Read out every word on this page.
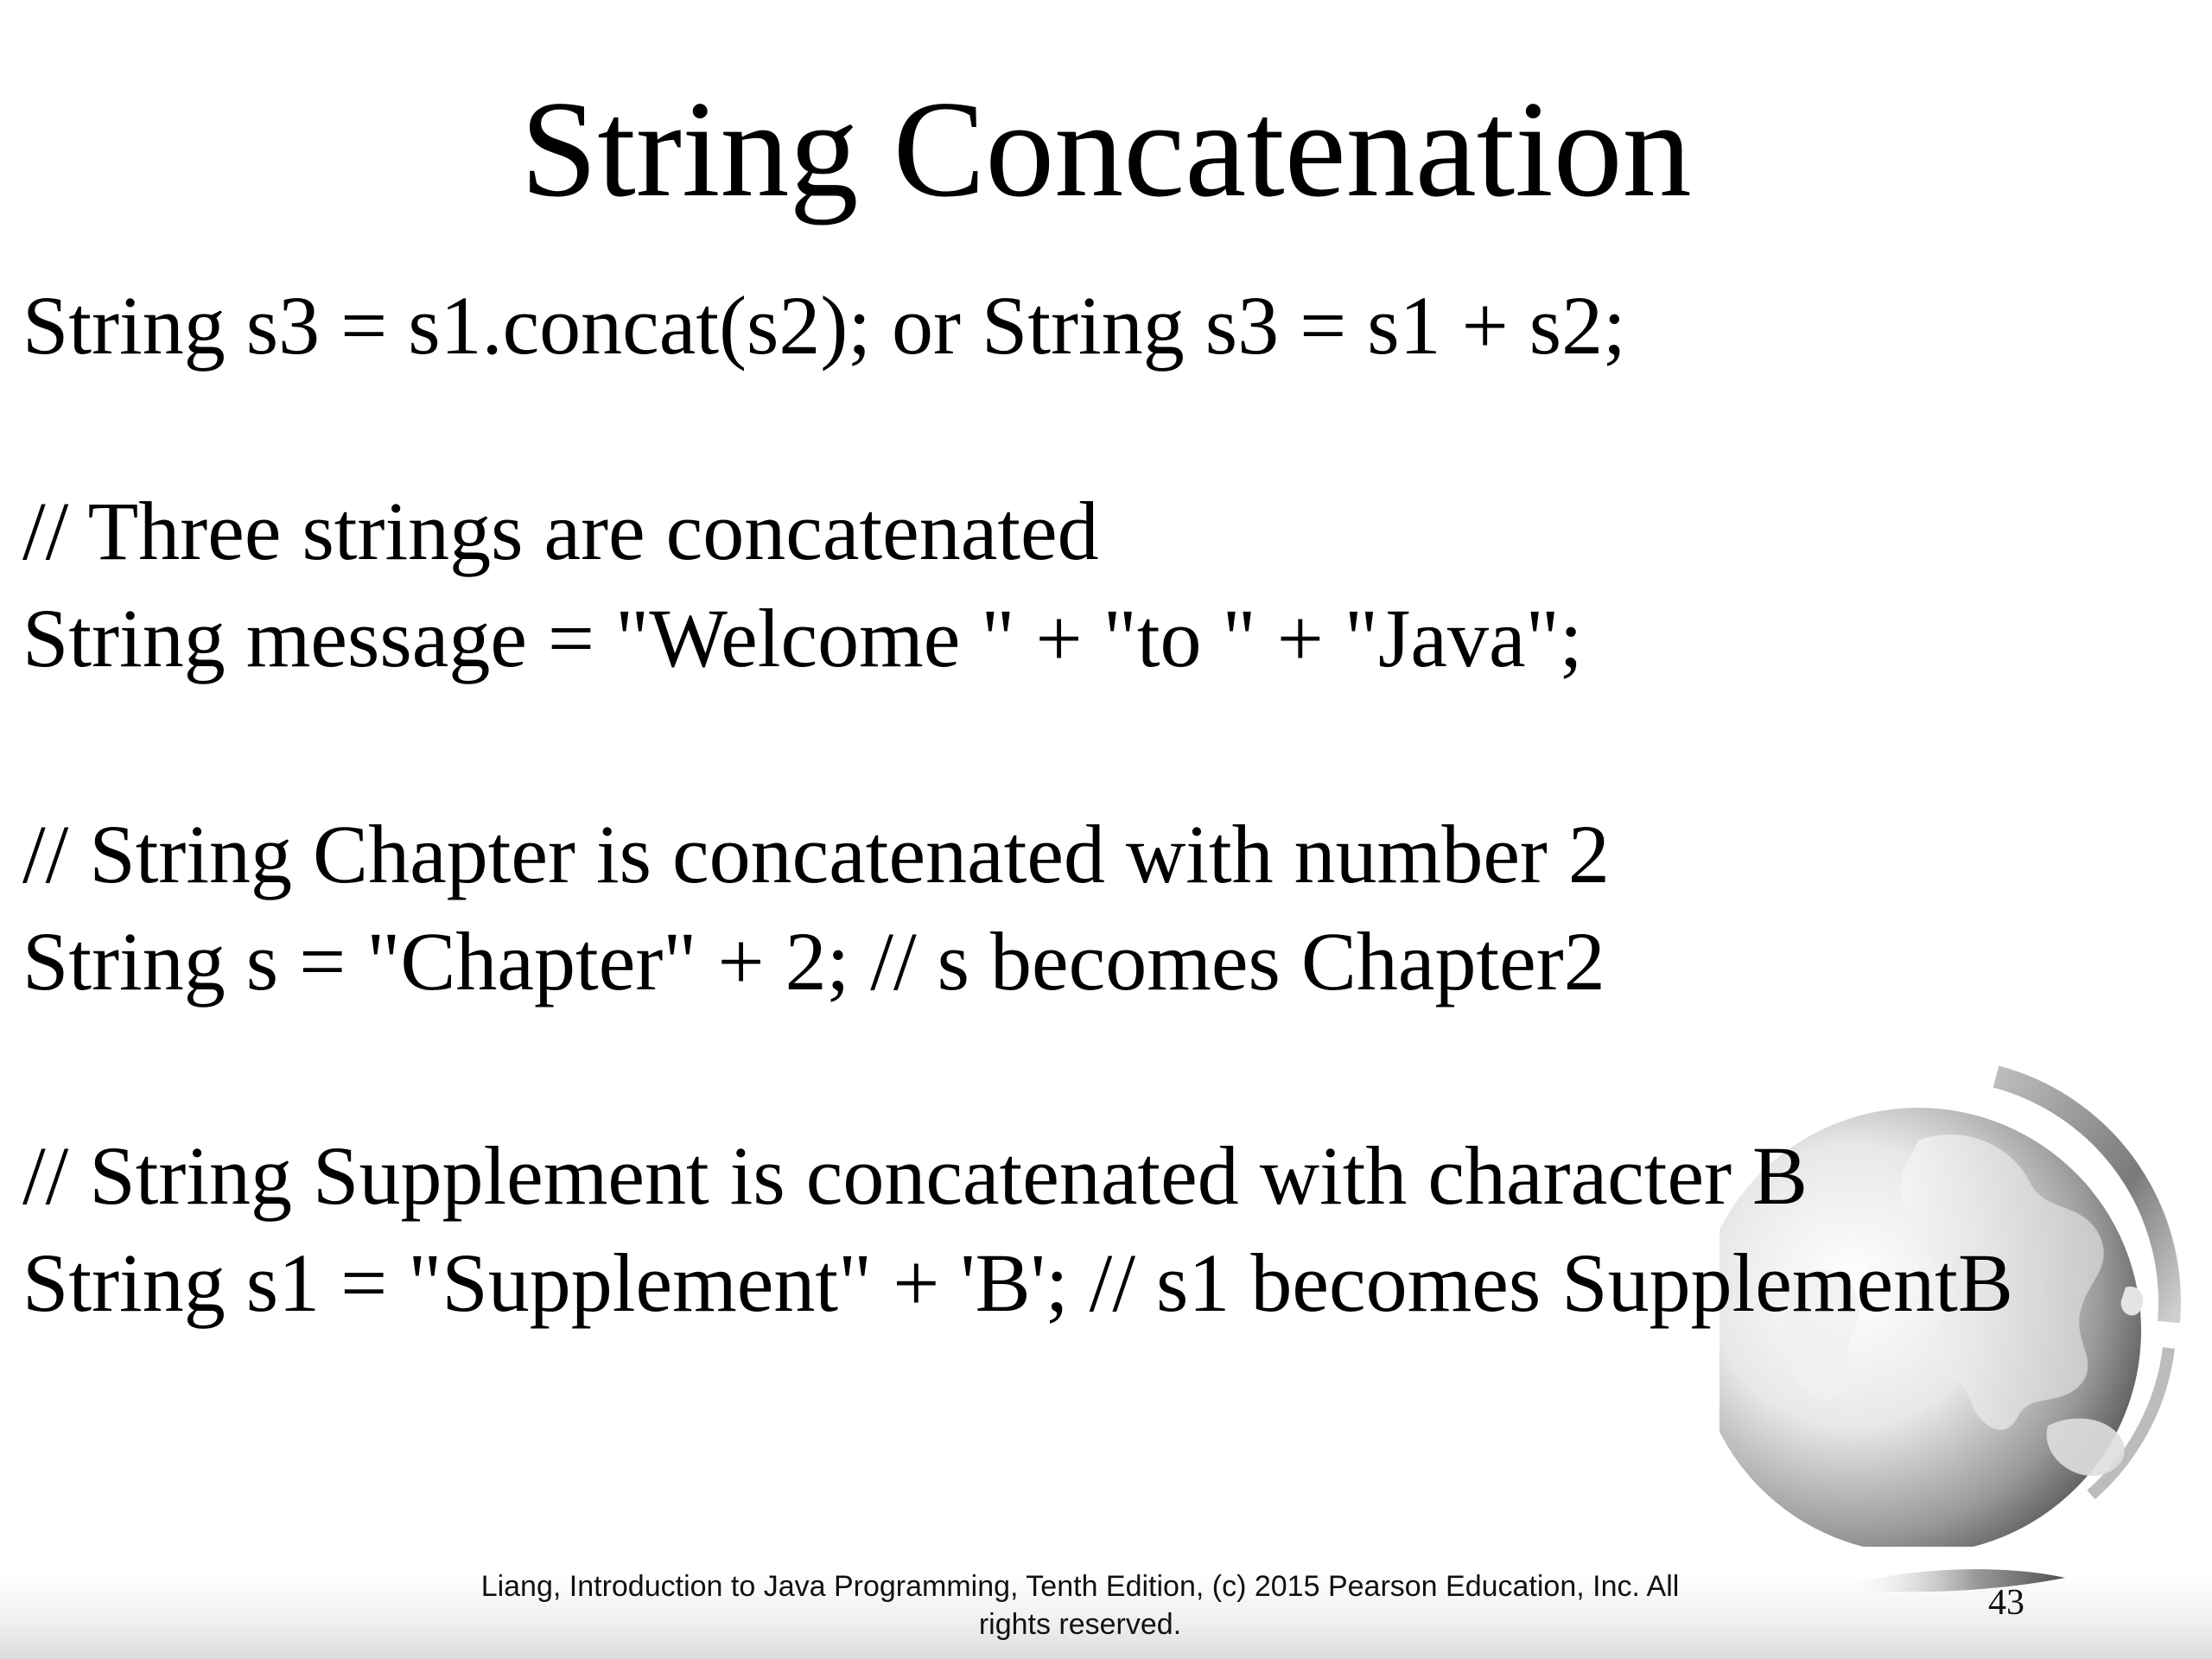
String Concatenation
String s3 = s1.concat(s2); or String s3 = s1 + s2;
// Three strings are concatenated
String message = "Welcome " + "to " + "Java";
// String Chapter is concatenated with number 2
String s = "Chapter" + 2; // s becomes Chapter2
// String Supplement is concatenated with character B
String s1 = "Supplement" + 'B'; // s1 becomes SupplementB
Liang, Introduction to Java Programming, Tenth Edition, (c) 2015 Pearson Education, Inc. All
rights reserved.
43
